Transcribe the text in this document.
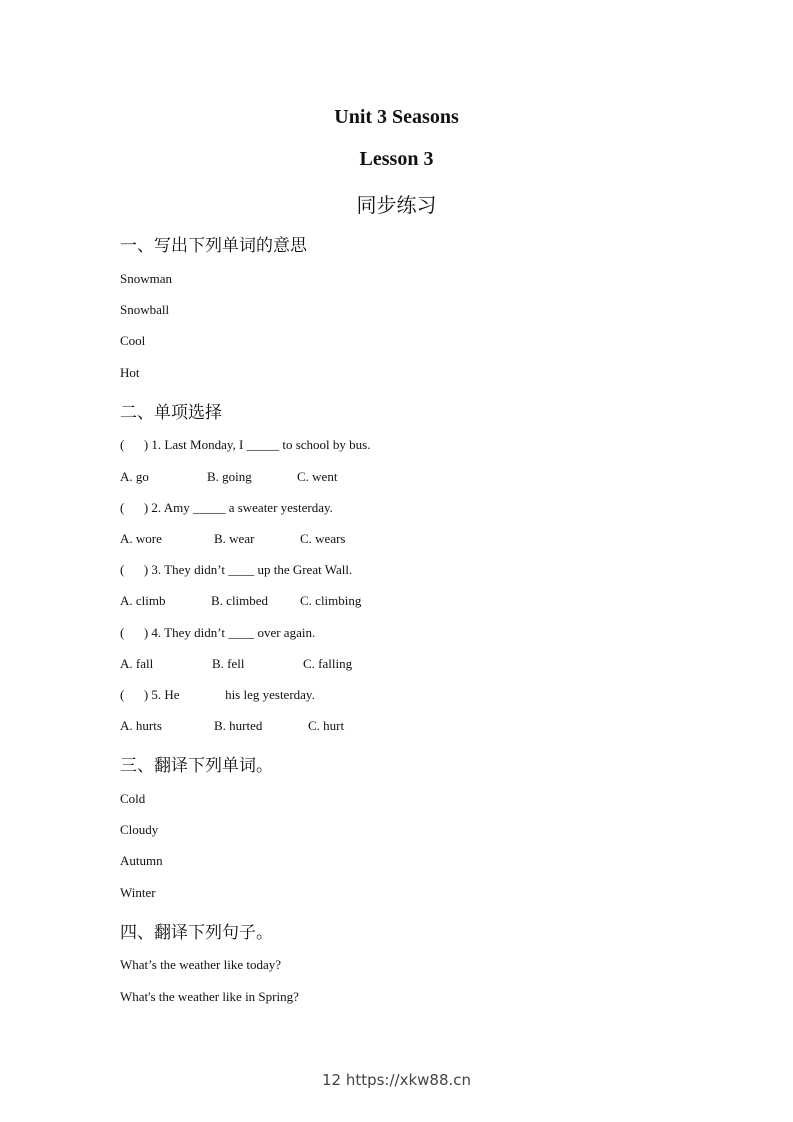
Unit 3 Seasons
Lesson 3
同步练习
一、写出下列单词的意思
Snowman
Snowball
Cool
Hot
二、单项选择
(      ) 1. Last Monday, I _____ to school by bus.
A. go	B. going	C. went
(      ) 2. Amy _____ a sweater yesterday.
A. wore	B. wear	C. wears
(      ) 3. They didn’t ____ up the Great Wall.
A. climb	B. climbed C. climbing
(      ) 4. They didn’t ____ over again.
A. fall	B. fell	C. falling
(      ) 5. He              his leg yesterday.
A. hurts	B. hurted	C. hurt
三、翻译下列单词。
Cold
Cloudy
Autumn
Winter
四、翻译下列句子。
What’s the weather like today?
What's the weather like in Spring?
12 https://xkw88.cn
